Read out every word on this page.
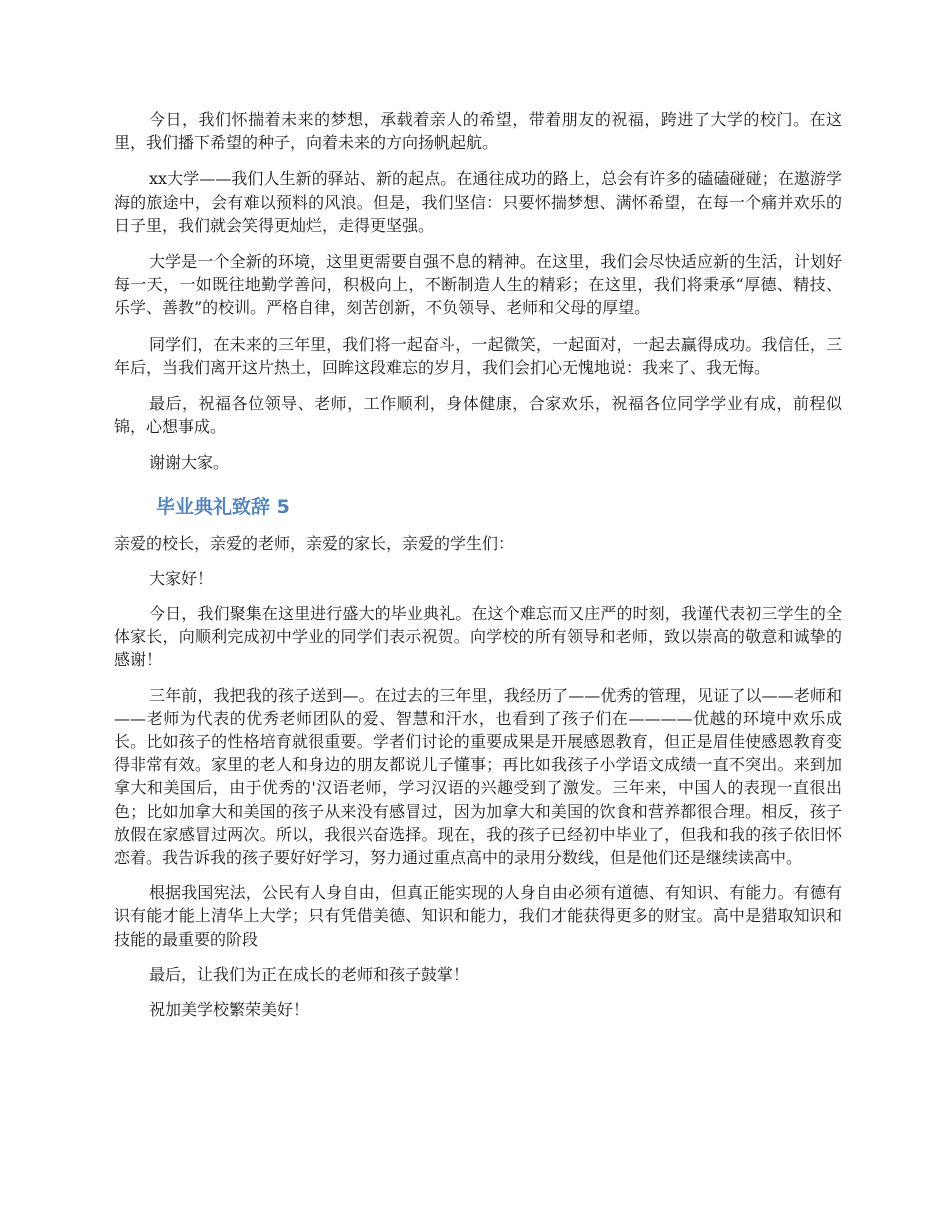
今日，我们怀揣着未来的梦想，承载着亲人的希望，带着朋友的祝福，跨进了大学的校门。在这里，我们播下希望的种子，向着未来的方向扬帆起航。

xx大学——我们人生新的驿站、新的起点。在通往成功的路上，总会有许多的磕磕碰碰；在遨游学海的旅途中，会有难以预料的风浪。但是，我们坚信：只要怀揣梦想、满怀希望，在每一个痛并欢乐的日子里，我们就会笑得更灿烂，走得更坚强。

大学是一个全新的环境，这里更需要自强不息的精神。在这里，我们会尽快适应新的生活，计划好每一天，一如既往地勤学善问，积极向上，不断制造人生的精彩；在这里，我们将秉承“厚德、精技、乐学、善教”的校训。严格自律，刻苦创新，不负领导、老师和父母的厚望。

同学们，在未来的三年里，我们将一起奋斗，一起微笑，一起面对，一起去赢得成功。我信任，三年后，当我们离开这片热土，回眸这段难忘的岁月，我们会扪心无愧地说：我来了、我无悔。

最后，祝福各位领导、老师，工作顺利，身体健康，合家欢乐，祝福各位同学学业有成，前程似锦，心想事成。

谢谢大家。

毕业典礼致辞 5

亲爱的校长，亲爱的老师，亲爱的家长，亲爱的学生们：

大家好！

今日，我们聚集在这里进行盛大的毕业典礼。在这个难忘而又庄严的时刻，我谨代表初三学生的全体家长，向顺利完成初中学业的同学们表示祝贺。向学校的所有领导和老师，致以崇高的敬意和诚挚的感谢！

三年前，我把我的孩子送到—。在过去的三年里，我经历了——优秀的管理，见证了以——老师和——老师为代表的优秀老师团队的爱、智慧和汗水，也看到了孩子们在————优越的环境中欢乐成长。比如孩子的性格培育就很重要。学者们讨论的重要成果是开展感恩教育，但正是眉佳使感恩教育变得非常有效。家里的老人和身边的朋友都说儿子懂事；再比如我孩子小学语文成绩一直不突出。来到加拿大和美国后，由于优秀的'汉语老师，学习汉语的兴趣受到了激发。三年来，中国人的表现一直很出色；比如加拿大和美国的孩子从来没有感冒过，因为加拿大和美国的饮食和营养都很合理。相反，孩子放假在家感冒过两次。所以，我很兴奋选择。现在，我的孩子已经初中毕业了，但我和我的孩子依旧怀恋着。我告诉我的孩子要好好学习，努力通过重点高中的录用分数线，但是他们还是继续读高中。

根据我国宪法，公民有人身自由，但真正能实现的人身自由必须有道德、有知识、有能力。有德有识有能才能上清华上大学；只有凭借美德、知识和能力，我们才能获得更多的财宝。高中是猎取知识和技能的最重要的阶段

最后，让我们为正在成长的老师和孩子鼓掌！

祝加美学校繁荣美好！
